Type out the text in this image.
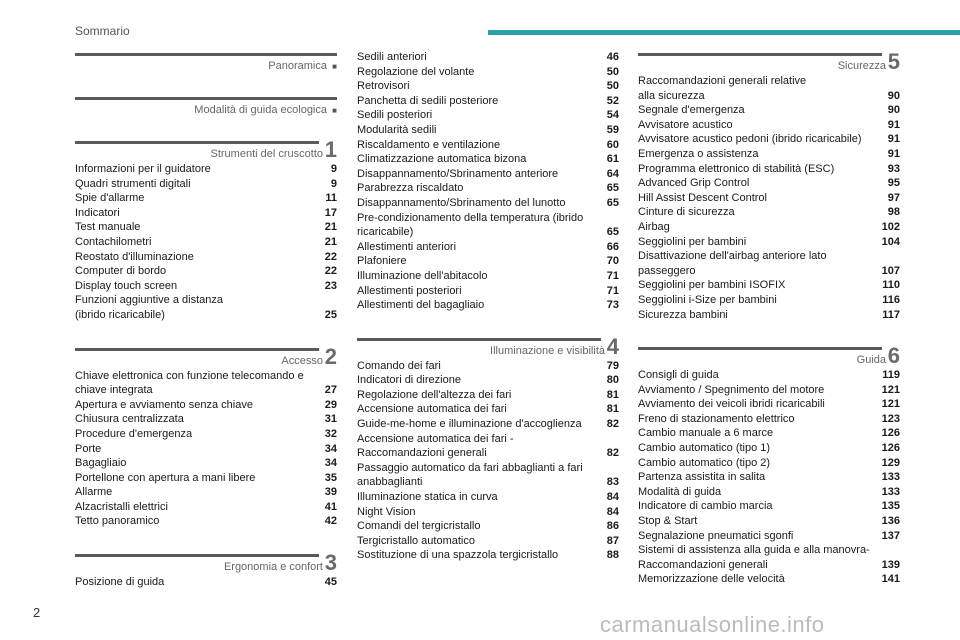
Sommario
Panoramica ■
Modalità di guida ecologica ■
Strumenti del cruscotto 1
Informazioni per il guidatore	9
Quadri strumenti digitali	9
Spie d'allarme	11
Indicatori	17
Test manuale	21
Contachilometri	21
Reostato d'illuminazione	22
Computer di bordo	22
Display touch screen	23
Funzioni aggiuntive a distanza
(ibrido ricaricabile)	25
Accesso 2
Chiave elettronica con funzione telecomando e
chiave integrata	27
Apertura e avviamento senza chiave	29
Chiusura centralizzata	31
Procedure d'emergenza	32
Porte	34
Bagagliaio	34
Portellone con apertura a mani libere	35
Allarme	39
Alzacristalli elettrici	41
Tetto panoramico	42
Ergonomia e confort 3
Posizione di guida	45
Sedili anteriori	46
Regolazione del volante	50
Retrovisori	50
Panchetta di sedili posteriore	52
Sedili posteriori	54
Modularità sedili	59
Riscaldamento e ventilazione	60
Climatizzazione automatica bizona	61
Disappannamento/Sbrinamento anteriore	64
Parabrezza riscaldato	65
Disappannamento/Sbrinamento del lunotto	65
Pre-condizionamento della temperatura (ibrido
ricaricabile)	65
Allestimenti anteriori	66
Plafoniere	70
Illuminazione dell'abitacolo	71
Allestimenti posteriori	71
Allestimenti del bagagliaio	73
Illuminazione e visibilità 4
Comando dei fari	79
Indicatori di direzione	80
Regolazione dell'altezza dei fari	81
Accensione automatica dei fari	81
Guide-me-home e illuminazione d'accoglienza 82
Accensione automatica dei fari -
Raccomandazioni generali	82
Passaggio automatico da fari abbaglianti a fari
anabbaglianti	83
Illuminazione statica in curva	84
Night Vision	84
Comandi del tergicristallo	86
Tergicristallo automatico	87
Sostituzione di una spazzola tergicristallo	88
Sicurezza 5
Raccomandazioni generali relative
alla sicurezza	90
Segnale d'emergenza	90
Avvisatore acustico	91
Avvisatore acustico pedoni (ibrido ricaricabile) 91
Emergenza o assistenza	91
Programma elettronico di stabilità (ESC)	93
Advanced Grip Control	95
Hill Assist Descent Control	97
Cinture di sicurezza	98
Airbag	102
Seggiolini per bambini	104
Disattivazione dell'airbag anteriore lato
passeggero	107
Seggiolini per bambini ISOFIX	110
Seggiolini i-Size per bambini	116
Sicurezza bambini	117
Guida 6
Consigli di guida	119
Avviamento / Spegnimento del motore	121
Avviamento dei veicoli ibridi ricaricabili	121
Freno di stazionamento elettrico	123
Cambio manuale a 6 marce	126
Cambio automatico (tipo 1)	126
Cambio automatico (tipo 2)	129
Partenza assistita in salita	133
Modalità di guida	133
Indicatore di cambio marcia	135
Stop & Start	136
Segnalazione pneumatici sgonfi	137
Sistemi di assistenza alla guida e alla manovra-
Raccomandazioni generali	139
Memorizzazione delle velocità	141
2	carmanualsonline.info
